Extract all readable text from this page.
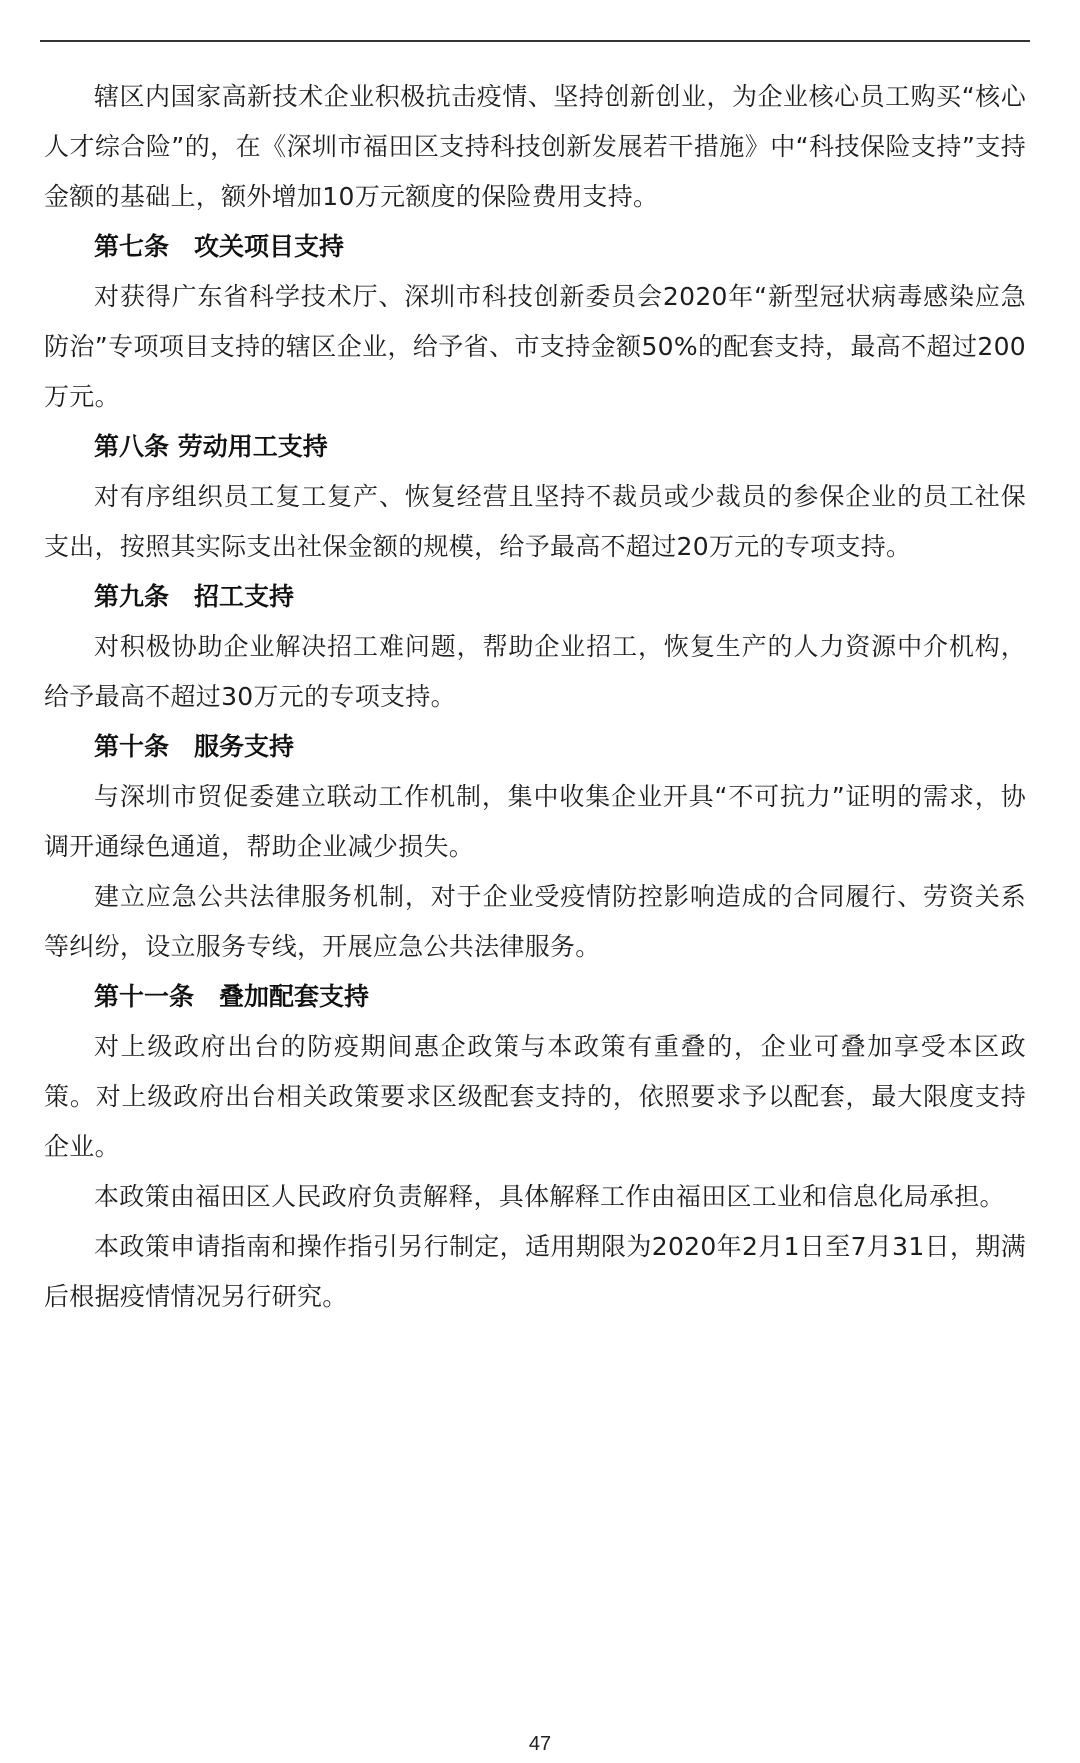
辖区内国家高新技术企业积极抗击疫情、坚持创新创业，为企业核心员工购买“核心人才综合险”的，在《深圳市福田区支持科技创新发展若干措施》中“科技保险支持”支持金额的基础上，额外增加10万元额度的保险费用支持。

第七条　攻关项目支持

对获得广东省科学技术厅、深圳市科技创新委员会2020年“新型冠状病毒感染应急防治”专项项目支持的辖区企业，给予省、市支持金额50%的配套支持，最高不超过200万元。

第八条 劳动用工支持

对有序组织员工复工复产、恢复经营且坚持不裁员或少裁员的参保企业的员工社保支出，按照其实际支出社保金额的规模，给予最高不超过20万元的专项支持。

第九条　招工支持

对积极协助企业解决招工难问题，帮助企业招工，恢复生产的人力资源中介机构，给予最高不超过30万元的专项支持。

第十条　服务支持

与深圳市贸促委建立联动工作机制，集中收集企业开具“不可抗力”证明的需求，协调开通绿色通道，帮助企业减少损失。

建立应急公共法律服务机制，对于企业受疫情防控影响造成的合同履行、劳资关系等纠纷，设立服务专线，开展应急公共法律服务。

第十一条　叠加配套支持

对上级政府出台的防疫期间惠企政策与本政策有重叠的，企业可叠加享受本区政策。对上级政府出台相关政策要求区级配套支持的，依照要求予以配套，最大限度支持企业。

本政策由福田区人民政府负责解释，具体解释工作由福田区工业和信息化局承担。

本政策申请指南和操作指引另行制定，适用期限为2020年2月1日至7月31日，期满后根据疫情情况另行研究。

47
